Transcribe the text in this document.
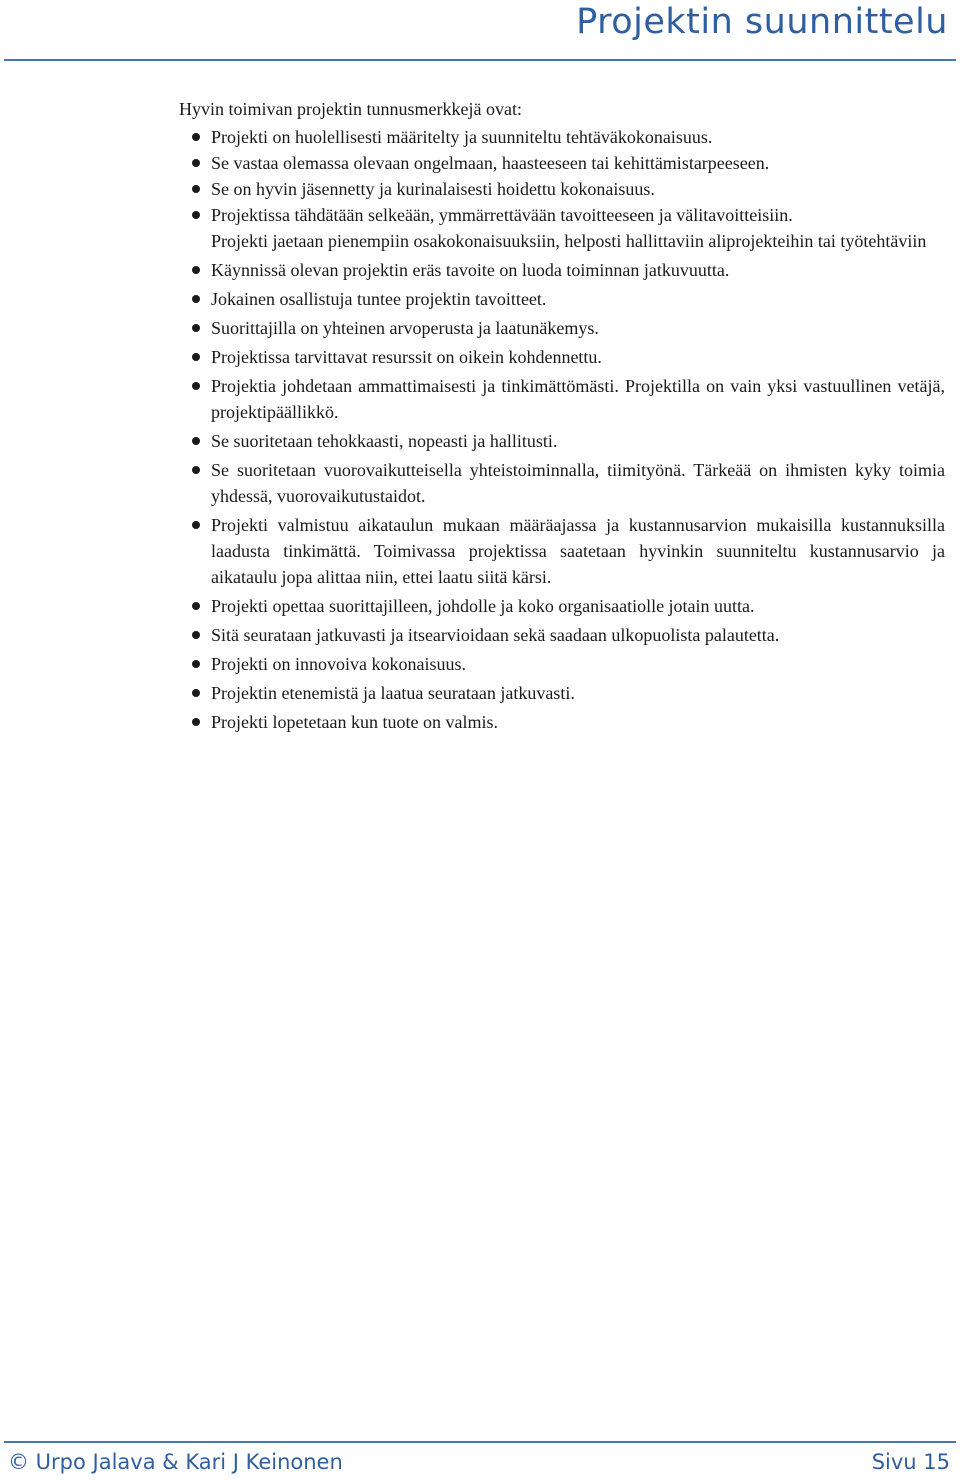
Projektin suunnittelu

Hyvin toimivan projektin tunnusmerkkejä ovat:

Projekti on huolellisesti määritelty ja suunniteltu tehtäväkokonaisuus.
Se vastaa olemassa olevaan ongelmaan, haasteeseen tai kehittämistarpeeseen.
Se on hyvin jäsennetty ja kurinalaisesti hoidettu kokonaisuus.
Projektissa tähdätään selkeään, ymmärrettävään tavoitteeseen ja välitavoitteisiin.
Projekti jaetaan pienempiin osakokonaisuuksiin, helposti hallittaviin aliprojekteihin tai työtehtäviin
Käynnissä olevan projektin eräs tavoite on luoda toiminnan jatkuvuutta.
Jokainen osallistuja tuntee projektin tavoitteet.
Suorittajilla on yhteinen arvoperusta ja laatunäkemys.
Projektissa tarvittavat resurssit on oikein kohdennettu.
Projektia johdetaan ammattimaisesti ja tinkimättömästi. Projektilla on vain yksi vastuullinen vetäjä, projektipäällikkö.
Se suoritetaan tehokkaasti, nopeasti ja hallitusti.
Se suoritetaan vuorovaikutteisella yhteistoiminnalla, tiimityönä. Tärkeää on ihmisten kyky toimia yhdessä, vuorovaikutustaidot.
Projekti valmistuu aikataulun mukaan määräajassa ja kustannusarvion mukaisilla kustannuksilla laadusta tinkimättä. Toimivassa projektissa saatetaan hyvinkin suunniteltu kustannusarvio ja aikataulu jopa alittaa niin, ettei laatu siitä kärsi.
Projekti opettaa suorittajilleen, johdolle ja koko organisaatiolle jotain uutta.
Sitä seurataan jatkuvasti ja itsearvioidaan sekä saadaan ulkopuolista palautetta.
Projekti on innovoiva kokonaisuus.
Projektin etenemistä ja laatua seurataan jatkuvasti.
Projekti lopetetaan kun tuote on valmis.
© Urpo Jalava & Kari J Keinonen	Sivu 15
